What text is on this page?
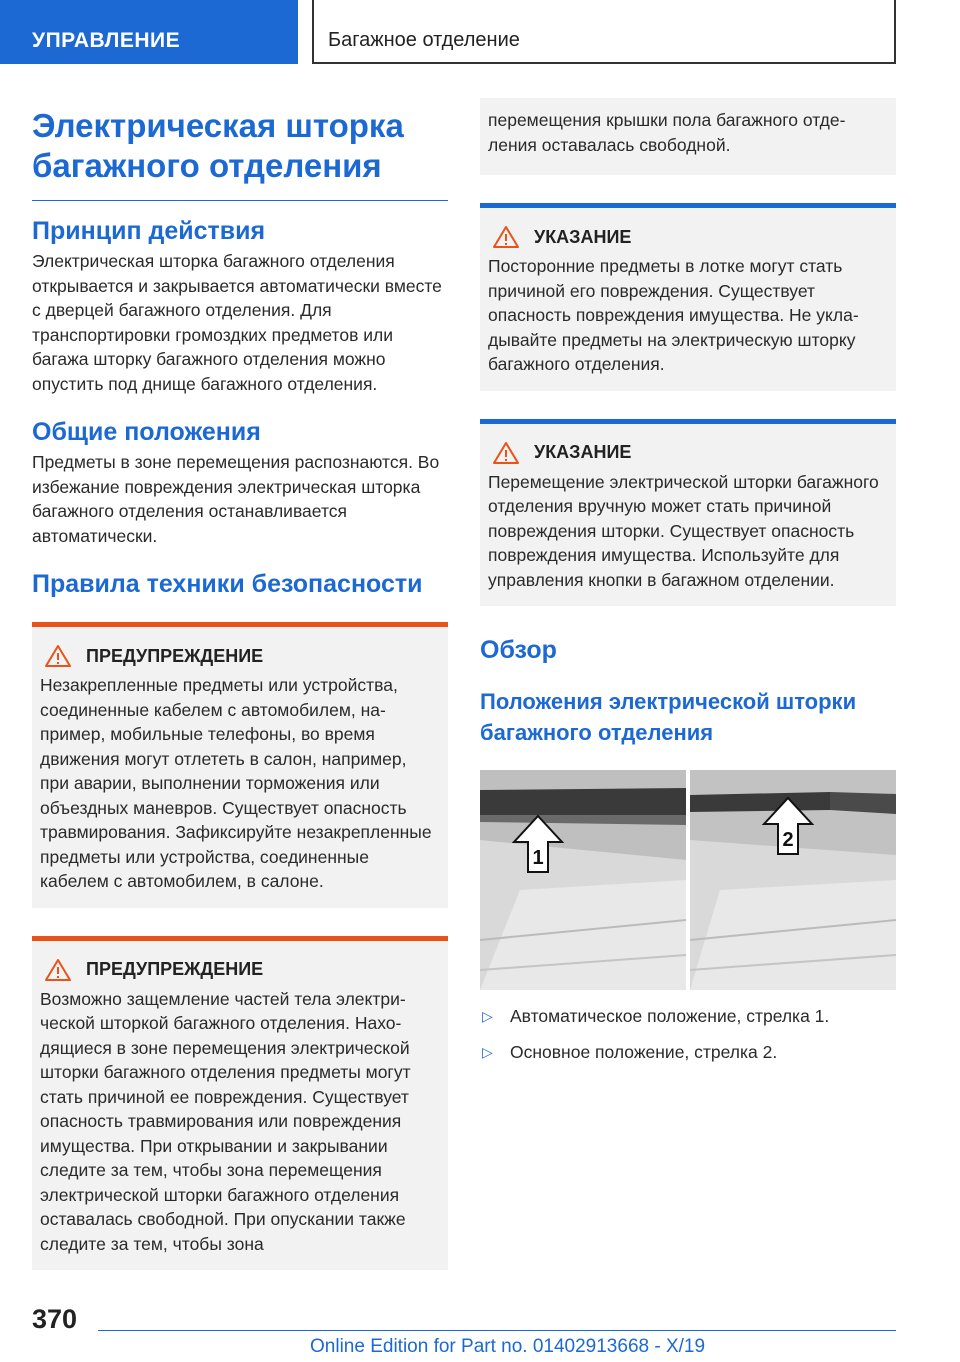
УПРАВЛЕНИЕ	Багажное отделение
Электрическая шторка багажного отделения
Принцип действия

Электрическая шторка багажного отделения открывается и закрывается автоматически вместе с дверцей багажного отделения. Для транспортировки громоздких предметов или багажа шторку багажного отделения можно опустить под днище багажного отделения.

Общие положения

Предметы в зоне перемещения распознаются. Во избежание повреждения электрическая шторка багажного отделения останавливается автоматически.

Правила техники безопасности
ПРЕДУПРЕЖДЕНИЕ

Незакрепленные предметы или устройства, соединенные кабелем с автомобилем, например, мобильные телефоны, во время движения могут отлететь в салон, например, при аварии, выполнении торможения или объездных маневров. Существует опасность травмирования. Зафиксируйте незакрепленные предметы или устройства, соединенные кабелем с автомобилем, в салоне.

ПРЕДУПРЕЖДЕНИЕ

Возможно защемление частей тела электрической шторкой багажного отделения. Находящиеся в зоне перемещения электрической шторки багажного отделения предметы могут стать причиной ее повреждения. Существует опасность травмирования или повреждения имущества. При открывании и закрывании следите за тем, чтобы зона перемещения электрической шторки багажного отделения оставалась свободной. При опускании также следите за тем, чтобы зона

перемещения крышки пола багажного отделения оставалась свободной.

УКАЗАНИЕ

Посторонние предметы в лотке могут стать причиной его повреждения. Существует опасность повреждения имущества. Не укладывайте предметы на электрическую шторку багажного отделения.

УКАЗАНИЕ

Перемещение электрической шторки багажного отделения вручную может стать причиной повреждения шторки. Существует опасность повреждения имущества. Используйте для управления кнопки в багажном отделении.

Обзор
Положения электрической шторки багажного отделения
1
2
▷ Автоматическое положение, стрелка 1.
▷ Основное положение, стрелка 2.
370
Online Edition for Part no. 01402913668 - X/19
